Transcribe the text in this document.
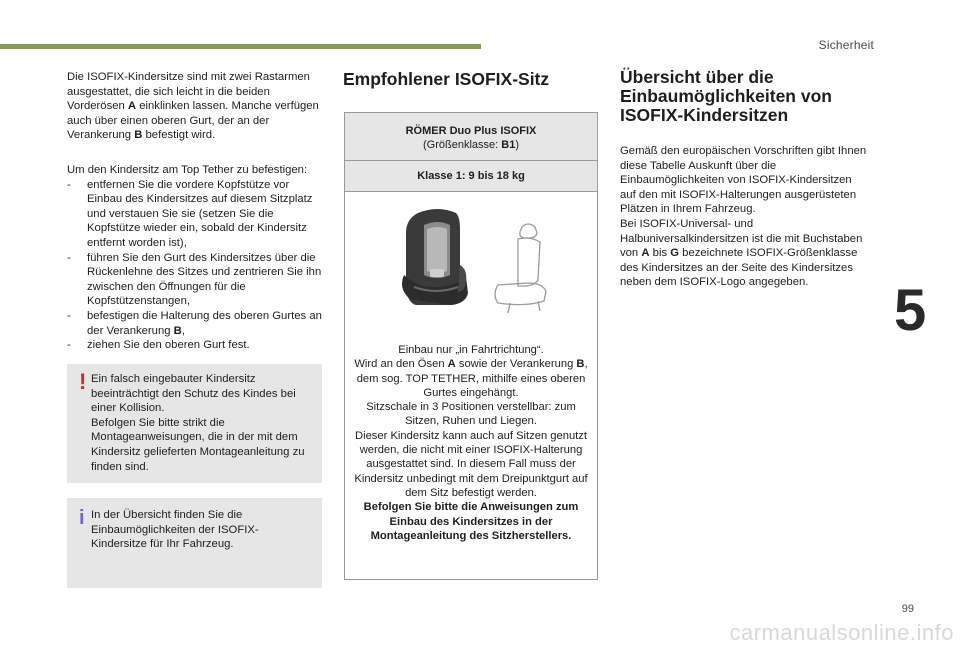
Sicherheit
5

Die ISOFIX-Kindersitze sind mit zwei Rastarmen ausgestattet, die sich leicht in die beiden Vorderösen A einklinken lassen. Manche verfügen auch über einen oberen Gurt, der an der Verankerung B befestigt wird.

Um den Kindersitz am Top Tether zu befestigen:

- entfernen Sie die vordere Kopfstütze vor Einbau des Kindersitzes auf diesem Sitzplatz und verstauen Sie sie (setzen Sie die Kopfstütze wieder ein, sobald der Kindersitz entfernt worden ist),
- führen Sie den Gurt des Kindersitzes über die Rückenlehne des Sitzes und zentrieren Sie ihn zwischen den Öffnungen für die Kopfstützenstangen,
- befestigen die Halterung des oberen Gurtes an der Verankerung B,
- ziehen Sie den oberen Gurt fest.
! Ein falsch eingebauter Kindersitz beeinträchtigt den Schutz des Kindes bei einer Kollision.
Befolgen Sie bitte strikt die Montageanweisungen, die in der mit dem Kindersitz gelieferten Montageanleitung zu finden sind.
i In der Übersicht finden Sie die Einbaumöglichkeiten der ISOFIX-Kindersitze für Ihr Fahrzeug.
Empfohlener ISOFIX-Sitz
RÖMER Duo Plus ISOFIX
(Größenklasse: B1)
Klasse 1: 9 bis 18 kg
Einbau nur „in Fahrtrichtung“.
Wird an den Ösen A sowie der Verankerung B, dem sog. TOP TETHER, mithilfe eines oberen Gurtes eingehängt.
Sitzschale in 3 Positionen verstellbar: zum Sitzen, Ruhen und Liegen.
Dieser Kindersitz kann auch auf Sitzen genutzt werden, die nicht mit einer ISOFIX-Halterung ausgestattet sind. In diesem Fall muss der Kindersitz unbedingt mit dem Dreipunktgurt auf dem Sitz befestigt werden.
Befolgen Sie bitte die Anweisungen zum Einbau des Kindersitzes in der Montageanleitung des Sitzherstellers.
Übersicht über die Einbaumöglichkeiten von ISOFIX-Kindersitzen

Gemäß den europäischen Vorschriften gibt Ihnen diese Tabelle Auskunft über die Einbaumöglichkeiten von ISOFIX-Kindersitzen auf den mit ISOFIX-Halterungen ausgerüsteten Plätzen in Ihrem Fahrzeug.
Bei ISOFIX-Universal- und Halbuniversalkindersitzen ist die mit Buchstaben von A bis G bezeichnete ISOFIX-Größenklasse des Kindersitzes an der Seite des Kindersitzes neben dem ISOFIX-Logo angegeben.

99
carmanualsonline.info
